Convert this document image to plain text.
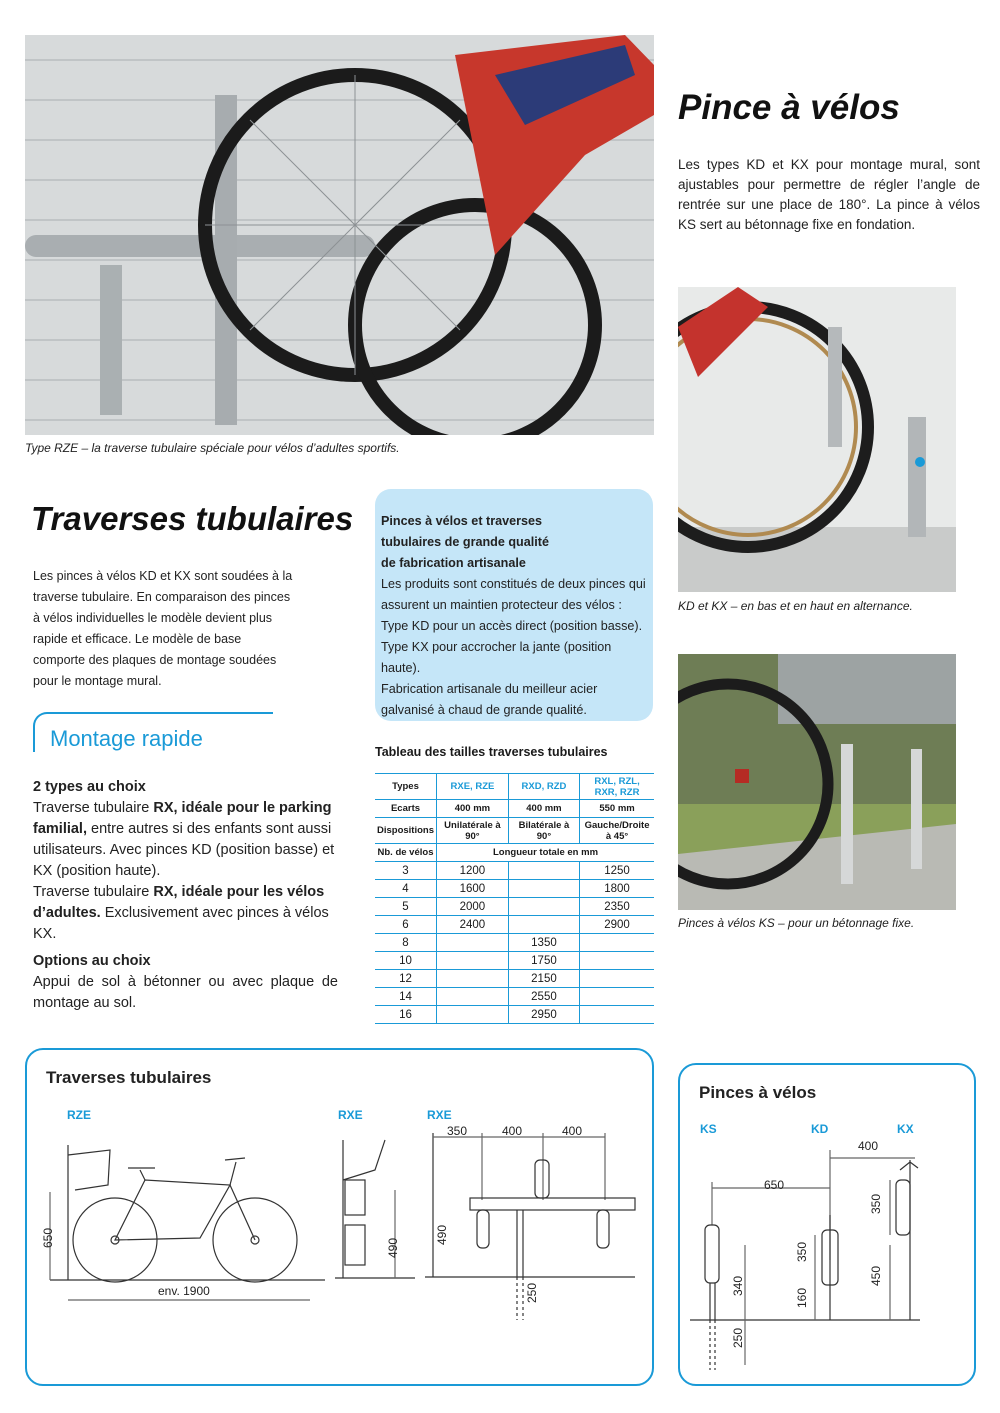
Type RZE – la traverse tubulaire spéciale pour vélos d’adultes sportifs.
Pince à vélos
Les types KD et KX pour montage mural, sont ajustables pour permettre de régler l’angle de rentrée sur une place de 180°. La pince à vélos KS sert au bétonnage fixe en fondation.
KD et KX – en bas et en haut en alternance.
Pinces à vélos KS – pour un bétonnage fixe.
Traverses tubulaires
Les pinces à vélos KD et KX sont soudées à la traverse tubulaire. En comparaison des pinces à vélos individuelles le modèle devient plus rapide et efficace. Le modèle de base comporte des plaques de montage soudées pour le montage mural.
Pinces à vélos et traverses
tubulaires de grande qualité
de fabrication artisanale
Les produits sont constitués de deux pinces qui
assurent un maintien protecteur des vélos :
Type KD pour un accès direct (position basse).
Type KX pour accrocher la jante (position haute).
Fabrication artisanale du meilleur acier
galvanisé à chaud de grande qualité.
Montage rapide
2 types au choix
Traverse tubulaire RX, idéale pour le parking familial, entre autres si des enfants sont aussi utilisateurs. Avec pinces KD (position basse) et KX (position haute).
Traverse tubulaire RX, idéale pour les vélos d’adultes. Exclusivement avec pinces à vélos KX.
Options au choix
Appui de sol à bétonner ou avec plaque de montage au sol.
Tableau des tailles traverses tubulaires
Types	RXE, RZE	RXD, RZD	RXL, RZL, RXR, RZR
Ecarts	400 mm	400 mm	550 mm
Dispositions	Unilatérale à 90°	Bilatérale à 90°	Gauche/Droite à 45°
Nb. de vélos	Longueur totale en mm		
3	1200		1250
4	1600		1800
5	2000		2350
6	2400		2900
8		1350	
10		1750	
12		2150	
14		2550	
16		2950	
Traverses tubulaires
RZE	RXE	RXE
650
env. 1900
490
350	400	400
490
250
Pinces à vélos
KS	KD	KX
400
650
350
350
340
160
450
250
